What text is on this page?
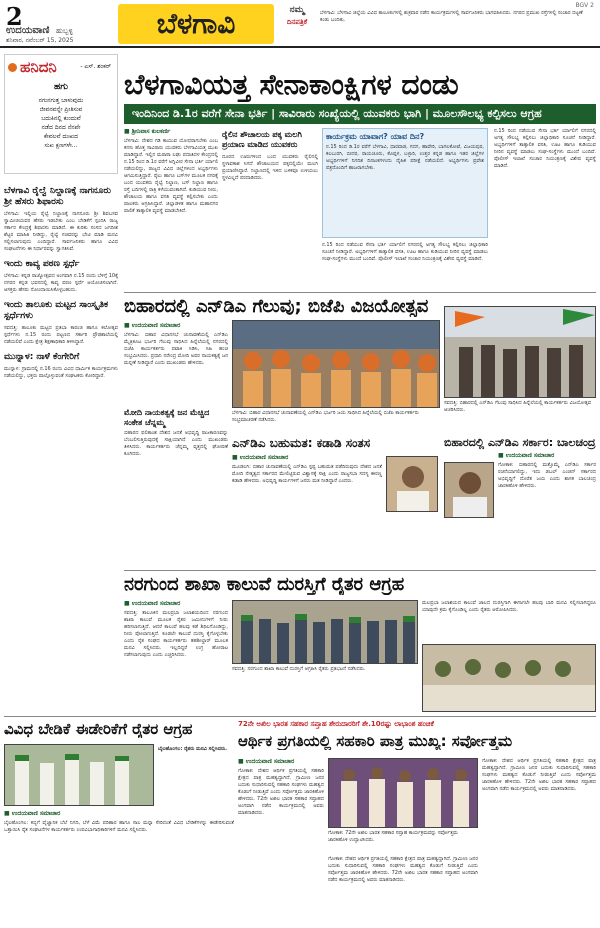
2
ಉದಯವಾಣಿ ಹುಬ್ಬಳ್ಳಿ
ಶನಿವಾರ, ನವೆಂಬರ್ 15, 2025
ಬೆಳಗಾವಿ	ನಮ್ಮ
ದಿನಪತ್ರಿಕೆ
ಬೆಳಗಾವಿ: ಬೆಳಗಾವಿ ಜಿಲ್ಲೆಯ ವಿವಿಧ ತಾಲೂಕುಗಳಲ್ಲಿ ಶುಕ್ರವಾರ ನಡೆದ ಕಾರ್ಯಕ್ರಮಗಳಲ್ಲಿ ಸಾರ್ವಜನಿಕರು ಭಾಗವಹಿಸಿದರು. ನಗರದ ಪ್ರಮುಖ ರಸ್ತೆಗಳಲ್ಲಿ ಸಂಚಾರ ದಟ್ಟಣೆ ಕಂಡು ಬಂದಿತು.
BGV 2
ಹನಿದನಿ	- ಎಸ್. ಶಂಕರ್‌
ಹಗು
ನಗುನಗುತ್ತ ಬಾಳುವುದು
ಜೀವನವನ್ನೇ ಪ್ರೀತಿಸುವ
ಬದುಕಿನಲ್ಲಿ ಕುಂದುವೆ
ನಡೆದ ದಿನದ ನೆನಪೇ
ಕೇವಲವೆ ದುಃಖದ
ಸುಖ ಕ್ಷಣಗಳೇ...
ಬೆಳಗಾವಿ ರೈಲ್ವೆ ನಿಲ್ದಾಣಕ್ಕೆ ನಾಗನೂರು ಶ್ರೀ ಹೆಸರು ಶಿಫಾರಸು

ಬೆಳಗಾವಿ: ಇಲ್ಲಿಯ ರೈಲ್ವೆ ನಿಲ್ದಾಣಕ್ಕೆ ನಾಗನೂರು ಶ್ರೀ ಶಿವಬಸವ ಸ್ವಾಮೀಜಿಯವರ ಹೆಸರು ಇಡಬೇಕು ಎಂಬ ಬೇಡಿಕೆಗೆ ಸ್ಪಂದಿಸಿ ರಾಜ್ಯ ಸರ್ಕಾರ ಕೇಂದ್ರಕ್ಕೆ ಶಿಫಾರಸು ಮಾಡಿದೆ. ಈ ಕುರಿತು ಸಂಸದ ಜಗದೀಶ ಶೆಟ್ಟರ ಮಾಹಿತಿ ನೀಡಿದ್ದು, ರೈಲ್ವೆ ಸಚಿವರನ್ನು ಭೇಟಿ ಮಾಡಿ ಮನವಿ ಸಲ್ಲಿಸಲಾಗುವುದು ಎಂದಿದ್ದಾರೆ. ಸಾರ್ವಜನಿಕರು ಹಾಗೂ ವಿವಿಧ ಸಂಘಟನೆಗಳು ಈ ನಿರ್ಧಾರವನ್ನು ಸ್ವಾಗತಿಸಿವೆ.

ಇಂದು ಕಾವ್ಯ ಪಠಣ ಸ್ಪರ್ಧೆ

ಬೆಳಗಾವಿ: ಕನ್ನಡ ರಾಜ್ಯೋತ್ಸವದ ಅಂಗವಾಗಿ ನ.15 ರಂದು ಬೆಳಿಗ್ಗೆ 10ಕ್ಕೆ ನಗರದ ಕನ್ನಡ ಭವನದಲ್ಲಿ ಕಾವ್ಯ ಪಠಣ ಸ್ಪರ್ಧೆ ಆಯೋಜಿಸಲಾಗಿದೆ. ಆಸಕ್ತರು ಹೆಸರು ನೋಂದಾಯಿಸಿಕೊಳ್ಳಬಹುದು.

ಇಂದು ತಾಲೂಕು ಮಟ್ಟದ ಸಾಂಸ್ಕೃತಿಕ ಸ್ಪರ್ಧೆಗಳು

ಸವದತ್ತಿ: ತಾಲೂಕು ಮಟ್ಟದ ಪ್ರತಿಭಾ ಕಾರಂಜಿ ಹಾಗೂ ಕಲೋತ್ಸವ ಸ್ಪರ್ಧೆಗಳು ನ.15 ರಂದು ಪಟ್ಟಣದ ಸರ್ಕಾರಿ ಪ್ರೌಢಶಾಲೆಯಲ್ಲಿ ನಡೆಯಲಿವೆ ಎಂದು ಕ್ಷೇತ್ರ ಶಿಕ್ಷಣಾಧಿಕಾರಿ ತಿಳಿಸಿದ್ದಾರೆ.

ಮುನ್ನಾಳ: ನಾಳೆ ಕೆಂಗೇರಿಗೆ

ಮುನ್ನಾಳ: ಗ್ರಾಮದಲ್ಲಿ ನ.16 ರಂದು ವಿವಿಧ ಧಾರ್ಮಿಕ ಕಾರ್ಯಕ್ರಮಗಳು ನಡೆಯಲಿದ್ದು, ಭಕ್ತರು ಪಾಲ್ಗೊಳ್ಳುವಂತೆ ಸಂಘಟಕರು ಕೋರಿದ್ದಾರೆ.

ಬೆಳಗಾವಿಯತ್ತ ಸೇನಾಕಾಂಕ್ಷಿಗಳ ದಂಡು
ಇಂದಿನಿಂದ ಡಿ.1ರ ವರೆಗೆ ಸೇನಾ ಭರ್ತಿ | ಸಾವಿರಾರು ಸಂಖ್ಯೆಯಲ್ಲಿ ಯುವಕರು ಭಾಗಿ | ಮೂಲಸೌಲಭ್ಯ ಕಲ್ಪಿಸಲು ಆಗ್ರಹ
■ ಶ್ರೀನಿವಾಸ ಕುಲಕರ್ಣಿ
ಬೆಳಗಾವಿ: ದೇಶದ ಗಡಿ ಕಾಯುವ ಯೋಧರಾಗಬೇಕು ಎಂಬ ಕನಸು ಹೊತ್ತ ಸಾವಿರಾರು ಯುವಕರು ಬೆಳಗಾವಿಯತ್ತ ಮುಖ ಮಾಡಿದ್ದಾರೆ. ಇಲ್ಲಿನ ಮರಾಠಾ ಲಘು ಪದಾತಿದಳ ಕೇಂದ್ರದಲ್ಲಿ ನ.15 ರಿಂದ ಡಿ.1ರ ವರೆಗೆ ಅಗ್ನಿವೀರ ಸೇನಾ ಭರ್ತಿ ರ್ಯಾಲಿ ನಡೆಯಲಿದ್ದು, ರಾಜ್ಯದ ವಿವಿಧ ಜಿಲ್ಲೆಗಳಿಂದ ಅಭ್ಯರ್ಥಿಗಳು ಆಗಮಿಸುತ್ತಿದ್ದಾರೆ. ರೈಲು ಹಾಗೂ ಬಸ್‌ಗಳ ಮೂಲಕ ನಗರಕ್ಕೆ ಬಂದ ಯುವಕರು ರೈಲ್ವೆ ನಿಲ್ದಾಣ, ಬಸ್ ನಿಲ್ದಾಣ ಹಾಗೂ ರಸ್ತೆ ಬದಿಗಳಲ್ಲಿ ರಾತ್ರಿ ಕಳೆಯುವಂತಾಗಿದೆ. ಕುಡಿಯುವ ನೀರು, ಶೌಚಾಲಯ ಹಾಗೂ ವಸತಿ ವ್ಯವಸ್ಥೆ ಕಲ್ಪಿಸಬೇಕು ಎಂದು ಪಾಲಕರು ಆಗ್ರಹಿಸಿದ್ದಾರೆ. ಜಿಲ್ಲಾಡಳಿತ ಹಾಗೂ ಮಹಾನಗರ ಪಾಲಿಕೆ ತಾತ್ಕಾಲಿಕ ವ್ಯವಸ್ಥೆ ಮಾಡಬೇಕಿದೆ.
ರೈಲಿನ ಶೌಚಾಲಯ ಪಕ್ಕ ಮಲಗಿ ಪ್ರಯಾಣ ಮಾಡಿದ ಯುವಕರು
ದೂರದ ಊರುಗಳಿಂದ ಬಂದ ಯುವಕರು ರೈಲಿನಲ್ಲಿ ಸ್ಥಳಾವಕಾಶ ಸಿಗದೆ ಶೌಚಾಲಯದ ಪಕ್ಕದಲ್ಲಿಯೇ ಮಲಗಿ ಪ್ರಯಾಣಿಸಿದ್ದಾರೆ. ನಿಲ್ದಾಣದಲ್ಲಿ ಇಳಿದ ಬಳಿಕವೂ ಉಳಿಯಲು ಸ್ಥಳವಿಲ್ಲದೆ ಪರದಾಡಿದರು.
ಕಾರ್ಯಕ್ರಮ ಯಾವಾಗ? ಯಾವ ದಿನ?
ನ.15 ರಿಂದ ಡಿ.1ರ ವರೆಗೆ ಬೆಳಗಾವಿ, ಧಾರವಾಡ, ಗದಗ, ಹಾವೇರಿ, ಬಾಗಲಕೋಟೆ, ವಿಜಯಪುರ, ಕಲಬುರಗಿ, ಬೀದರ, ರಾಯಚೂರು, ಕೊಪ್ಪಳ, ಬಳ್ಳಾರಿ, ಉತ್ತರ ಕನ್ನಡ ಹಾಗೂ ಇತರ ಜಿಲ್ಲೆಗಳ ಅಭ್ಯರ್ಥಿಗಳಿಗೆ ನಿಗದಿತ ದಿನಾಂಕಗಳಂದು ದೈಹಿಕ ಪರೀಕ್ಷೆ ನಡೆಯಲಿದೆ. ಅಭ್ಯರ್ಥಿಗಳು ಪ್ರವೇಶ ಪತ್ರದೊಂದಿಗೆ ಹಾಜರಾಗಬೇಕು.
ನ.15 ರಿಂದ ನಡೆಯುವ ಸೇನಾ ಭರ್ತಿ ರ್ಯಾಲಿಗೆ ನಗರದಲ್ಲಿ ಅಗತ್ಯ ಸೌಲಭ್ಯ ಕಲ್ಪಿಸಲು ಜಿಲ್ಲಾಧಿಕಾರಿ ಸೂಚನೆ ನೀಡಿದ್ದಾರೆ. ಅಭ್ಯರ್ಥಿಗಳಿಗೆ ತಾತ್ಕಾಲಿಕ ವಸತಿ, ಊಟ ಹಾಗೂ ಕುಡಿಯುವ ನೀರಿನ ವ್ಯವಸ್ಥೆ ಮಾಡಲು ಸಂಘ-ಸಂಸ್ಥೆಗಳು ಮುಂದೆ ಬಂದಿವೆ. ಪೊಲೀಸ್ ಇಲಾಖೆ ಸಂಚಾರ ನಿಯಂತ್ರಣಕ್ಕೆ ವಿಶೇಷ ವ್ಯವಸ್ಥೆ ಮಾಡಿದೆ.
ನ.15 ರಿಂದ ನಡೆಯುವ ಸೇನಾ ಭರ್ತಿ ರ್ಯಾಲಿಗೆ ನಗರದಲ್ಲಿ ಅಗತ್ಯ ಸೌಲಭ್ಯ ಕಲ್ಪಿಸಲು ಜಿಲ್ಲಾಧಿಕಾರಿ ಸೂಚನೆ ನೀಡಿದ್ದಾರೆ. ಅಭ್ಯರ್ಥಿಗಳಿಗೆ ತಾತ್ಕಾಲಿಕ ವಸತಿ, ಊಟ ಹಾಗೂ ಕುಡಿಯುವ ನೀರಿನ ವ್ಯವಸ್ಥೆ ಮಾಡಲು ಸಂಘ-ಸಂಸ್ಥೆಗಳು ಮುಂದೆ ಬಂದಿವೆ. ಪೊಲೀಸ್ ಇಲಾಖೆ ಸಂಚಾರ ನಿಯಂತ್ರಣಕ್ಕೆ ವಿಶೇಷ ವ್ಯವಸ್ಥೆ ಮಾಡಿದೆ.
ಬಿಹಾರದಲ್ಲಿ ಎನ್‌ಡಿಎ ಗೆಲುವು; ಬಿಜೆಪಿ ವಿಜಯೋತ್ಸವ
■ ಉದಯವಾಣಿ ಸಮಾಚಾರ
ಬೆಳಗಾವಿ: ಬಿಹಾರ ವಿಧಾನಸಭೆ ಚುನಾವಣೆಯಲ್ಲಿ ಎನ್‌ಡಿಎ ಮೈತ್ರಿಕೂಟ ಭರ್ಜರಿ ಗೆಲುವು ಸಾಧಿಸಿದ ಹಿನ್ನೆಲೆಯಲ್ಲಿ ನಗರದಲ್ಲಿ ಬಿಜೆಪಿ ಕಾರ್ಯಕರ್ತರು ಪಟಾಕಿ ಸಿಡಿಸಿ, ಸಿಹಿ ಹಂಚಿ ಸಂಭ್ರಮಿಸಿದರು. ಪ್ರಧಾನಿ ನರೇಂದ್ರ ಮೋದಿ ಅವರ ನಾಯಕತ್ವಕ್ಕೆ ಜನ ಮನ್ನಣೆ ನೀಡಿದ್ದಾರೆ ಎಂದು ಮುಖಂಡರು ಹೇಳಿದರು.
ಮೋದಿ ನಾಯಕತ್ವಕ್ಕೆ ಜನ ಮೆಚ್ಚಿದ ಸಂಕೇತ ಚೆನ್ನಮ್ಮ
ಬಿಹಾರದ ಫಲಿತಾಂಶ ದೇಶದ ಜನತೆ ಅಭಿವೃದ್ಧಿ ರಾಜಕಾರಣವನ್ನು ಬೆಂಬಲಿಸುತ್ತಿರುವುದಕ್ಕೆ ಸಾಕ್ಷಿಯಾಗಿದೆ ಎಂದು ಮುಖಂಡರು ತಿಳಿಸಿದರು. ಕಾರ್ಯಕರ್ತರು ಚೆನ್ನಮ್ಮ ವೃತ್ತದಲ್ಲಿ ಘೋಷಣೆ ಕೂಗಿದರು.
ಬೆಳಗಾವಿ: ಬಿಹಾರ ವಿಧಾನಸಭೆ ಚುನಾವಣೆಯಲ್ಲಿ ಎನ್‌ಡಿಎ ಭರ್ಜರಿ ಜಯ ಸಾಧಿಸಿದ ಹಿನ್ನೆಲೆಯಲ್ಲಿ ಬಿಜೆಪಿ ಕಾರ್ಯಕರ್ತರು ಸಂಭ್ರಮಾಚರಣೆ ನಡೆಸಿದರು.
ಸವದತ್ತಿ: ಬಿಹಾರದಲ್ಲಿ ಎನ್‌ಡಿಎ ಗೆಲುವು ಸಾಧಿಸಿದ ಹಿನ್ನೆಲೆಯಲ್ಲಿ ಕಾರ್ಯಕರ್ತರು ವಿಜಯೋತ್ಸವ ಆಚರಿಸಿದರು.
ಎನ್‌ಡಿಎ ಬಹುಮತ: ಕಡಾಡಿ ಸಂತಸ
■ ಉದಯವಾಣಿ ಸಮಾಚಾರ
ಮೂಡಲಗಿ: ಬಿಹಾರ ಚುನಾವಣೆಯಲ್ಲಿ ಎನ್‌ಡಿಎ ಸ್ಪಷ್ಟ ಬಹುಮತ ಪಡೆದಿರುವುದು ದೇಶದ ಜನತೆ ಮೋದಿ ನೇತೃತ್ವದ ಸರ್ಕಾರದ ಮೇಲಿಟ್ಟಿರುವ ವಿಶ್ವಾಸಕ್ಕೆ ಸಾಕ್ಷಿ ಎಂದು ರಾಜ್ಯಸಭಾ ಸದಸ್ಯ ಈರಣ್ಣ ಕಡಾಡಿ ಹೇಳಿದರು. ಅಭಿವೃದ್ಧಿ ಕಾರ್ಯಗಳಿಗೆ ಜನರು ಮತ ನೀಡಿದ್ದಾರೆ ಎಂದರು.
ಬಿಹಾರದಲ್ಲಿ ಎನ್‌ಡಿಎ ಸರ್ಕಾರ: ಬಾಲಚಂದ್ರ
■ ಉದಯವಾಣಿ ಸಮಾಚಾರ
ಗೋಕಾಕ: ಬಿಹಾರದಲ್ಲಿ ಮತ್ತೊಮ್ಮೆ ಎನ್‌ಡಿಎ ಸರ್ಕಾರ ರಚನೆಯಾಗಲಿದ್ದು, ಇದು ಡಬಲ್ ಎಂಜಿನ್ ಸರ್ಕಾರದ ಅಭಿವೃದ್ಧಿಗೆ ದೊರೆತ ಜಯ ಎಂದು ಶಾಸಕ ಬಾಲಚಂದ್ರ ಜಾರಕಿಹೊಳಿ ಹೇಳಿದರು.
ನರಗುಂದ ಶಾಖಾ ಕಾಲುವೆ ದುರಸ್ತಿಗೆ ರೈತರ ಆಗ್ರಹ
■ ಉದಯವಾಣಿ ಸಮಾಚಾರ
ಸವದತ್ತಿ: ತಾಲೂಕಿನ ಮಲಪ್ರಭಾ ಜಲಾಶಯದಿಂದ ನರಗುಂದ ಶಾಖಾ ಕಾಲುವೆ ಮೂಲಕ ರೈತರ ಜಮೀನುಗಳಿಗೆ ನೀರು ಹರಿಸಲಾಗುತ್ತಿದೆ. ಆದರೆ ಕಾಲುವೆ ಹಲವು ಕಡೆ ಶಿಥಿಲಗೊಂಡಿದ್ದು, ನೀರು ಪೋಲಾಗುತ್ತಿದೆ. ಕೂಡಲೇ ಕಾಲುವೆ ದುರಸ್ತಿ ಕೈಗೊಳ್ಳಬೇಕು ಎಂದು ರೈತ ಸಂಘದ ಕಾರ್ಯಕರ್ತರು ತಹಶೀಲ್ದಾರ್ ಮೂಲಕ ಮನವಿ ಸಲ್ಲಿಸಿದರು. ಇಲ್ಲದಿದ್ದರೆ ಉಗ್ರ ಹೋರಾಟ ನಡೆಸಲಾಗುವುದು ಎಂದು ಎಚ್ಚರಿಸಿದರು.
ಸವದತ್ತಿ: ನರಗುಂದ ಶಾಖಾ ಕಾಲುವೆ ದುರಸ್ತಿಗೆ ಆಗ್ರಹಿಸಿ ರೈತರು ಪ್ರತಿಭಟನೆ ನಡೆಸಿದರು.
ಮಲಪ್ರಭಾ ಜಲಾಶಯದ ಕಾಲುವೆ ಜಾಲದ ದುರಸ್ತಿಗಾಗಿ ಈಗಾಗಲೇ ಹಲವು ಬಾರಿ ಮನವಿ ಸಲ್ಲಿಸಲಾಗಿದ್ದರೂ ಯಾವುದೇ ಕ್ರಮ ಕೈಗೊಂಡಿಲ್ಲ ಎಂದು ರೈತರು ಆರೋಪಿಸಿದರು.
ವಿವಿಧ ಬೇಡಿಕೆ ಈಡೇರಿಕೆಗೆ ರೈತರ ಆಗ್ರಹ
ಬೈಲಹೊಂಗಲ: ರೈತರು ಮನವಿ ಸಲ್ಲಿಸಿದರು.
■ ಉದಯವಾಣಿ ಸಮಾಚಾರ
ಬೈಲಹೊಂಗಲ: ಕಬ್ಬಿಗೆ ವೈಜ್ಞಾನಿಕ ಬೆಲೆ ನಿಗದಿ, ಬೆಳೆ ವಿಮೆ ಪರಿಹಾರ ಹಾಗೂ ಸಾಲ ಮನ್ನಾ ಸೇರಿದಂತೆ ವಿವಿಧ ಬೇಡಿಕೆಗಳನ್ನು ಈಡೇರಿಸುವಂತೆ ಒತ್ತಾಯಿಸಿ ರೈತ ಸಂಘಟನೆಗಳ ಕಾರ್ಯಕರ್ತರು ಉಪವಿಭಾಗಾಧಿಕಾರಿಗಳಿಗೆ ಮನವಿ ಸಲ್ಲಿಸಿದರು.
72ನೇ ಅಖಿಲ ಭಾರತ ಸಹಕಾರ ಸಪ್ತಾಹ ಶೇರುದಾರರಿಗೆ ಶೇ.10ರಷ್ಟು ಲಾಭಾಂಶ ಹಂಚಿಕೆ
ಆರ್ಥಿಕ ಪ್ರಗತಿಯಲ್ಲಿ ಸಹಕಾರಿ ಪಾತ್ರ ಮುಖ್ಯ: ಸರ್ವೋತ್ತಮ
■ ಉದಯವಾಣಿ ಸಮಾಚಾರ
ಗೋಕಾಕ: ದೇಶದ ಆರ್ಥಿಕ ಪ್ರಗತಿಯಲ್ಲಿ ಸಹಕಾರಿ ಕ್ಷೇತ್ರದ ಪಾತ್ರ ಮಹತ್ವದ್ದಾಗಿದೆ. ಗ್ರಾಮೀಣ ಜನರ ಬದುಕು ಸುಧಾರಿಸುವಲ್ಲಿ ಸಹಕಾರಿ ಸಂಘಗಳು ಮಹತ್ವದ ಕೊಡುಗೆ ನೀಡುತ್ತಿವೆ ಎಂದು ಸರ್ವೋತ್ತಮ ಜಾರಕಿಹೊಳಿ ಹೇಳಿದರು. 72ನೇ ಅಖಿಲ ಭಾರತ ಸಹಕಾರ ಸಪ್ತಾಹದ ಅಂಗವಾಗಿ ನಡೆದ ಕಾರ್ಯಕ್ರಮದಲ್ಲಿ ಅವರು ಮಾತನಾಡಿದರು.
ಗೋಕಾಕ: 72ನೇ ಅಖಿಲ ಭಾರತ ಸಹಕಾರ ಸಪ್ತಾಹ ಕಾರ್ಯಕ್ರಮವನ್ನು ಸರ್ವೋತ್ತಮ ಜಾರಕಿಹೊಳಿ ಉದ್ಘಾಟಿಸಿದರು.
ಗೋಕಾಕ: ದೇಶದ ಆರ್ಥಿಕ ಪ್ರಗತಿಯಲ್ಲಿ ಸಹಕಾರಿ ಕ್ಷೇತ್ರದ ಪಾತ್ರ ಮಹತ್ವದ್ದಾಗಿದೆ. ಗ್ರಾಮೀಣ ಜನರ ಬದುಕು ಸುಧಾರಿಸುವಲ್ಲಿ ಸಹಕಾರಿ ಸಂಘಗಳು ಮಹತ್ವದ ಕೊಡುಗೆ ನೀಡುತ್ತಿವೆ ಎಂದು ಸರ್ವೋತ್ತಮ ಜಾರಕಿಹೊಳಿ ಹೇಳಿದರು. 72ನೇ ಅಖಿಲ ಭಾರತ ಸಹಕಾರ ಸಪ್ತಾಹದ ಅಂಗವಾಗಿ ನಡೆದ ಕಾರ್ಯಕ್ರಮದಲ್ಲಿ ಅವರು ಮಾತನಾಡಿದರು.
ಗೋಕಾಕ: ದೇಶದ ಆರ್ಥಿಕ ಪ್ರಗತಿಯಲ್ಲಿ ಸಹಕಾರಿ ಕ್ಷೇತ್ರದ ಪಾತ್ರ ಮಹತ್ವದ್ದಾಗಿದೆ. ಗ್ರಾಮೀಣ ಜನರ ಬದುಕು ಸುಧಾರಿಸುವಲ್ಲಿ ಸಹಕಾರಿ ಸಂಘಗಳು ಮಹತ್ವದ ಕೊಡುಗೆ ನೀಡುತ್ತಿವೆ ಎಂದು ಸರ್ವೋತ್ತಮ ಜಾರಕಿಹೊಳಿ ಹೇಳಿದರು. 72ನೇ ಅಖಿಲ ಭಾರತ ಸಹಕಾರ ಸಪ್ತಾಹದ ಅಂಗವಾಗಿ ನಡೆದ ಕಾರ್ಯಕ್ರಮದಲ್ಲಿ ಅವರು ಮಾತನಾಡಿದರು.
